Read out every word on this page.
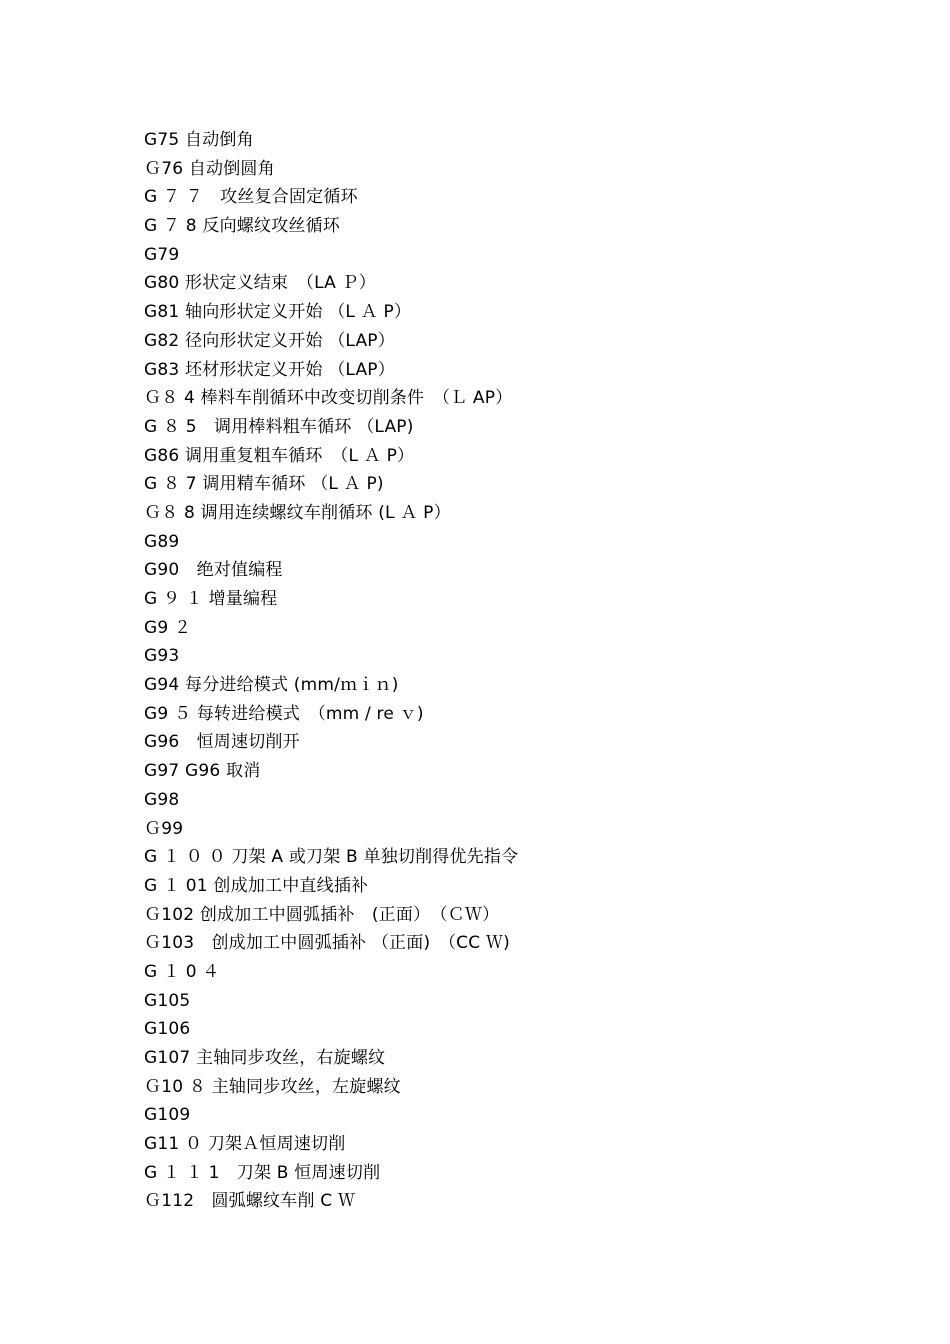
G75 自动倒角
Ｇ76 自动倒圆角
G ７ ７　攻丝复合固定循环
G ７ 8 反向螺纹攻丝循环
G79
G80 形状定义结束　（LA Ｐ）
G81 轴向形状定义开始 （L Ａ P）
G82 径向形状定义开始 （LAP）
G83 坯材形状定义开始 （LAP）
Ｇ８ 4 棒料车削循环中改变切削条件　（Ｌ AP）
G ８ 5　调用棒料粗车循环 （LAP)
G86 调用重复粗车循环　（L Ａ P）
G ８ 7 调用精车循环 （L Ａ P)
Ｇ８ 8 调用连续螺纹车削循环 (L Ａ P）
G89
G90　绝对值编程
G ９ １ 增量编程
G9 ２
G93
G94 每分进给模式 (mm/ｍｉｎ)
G9 ５ 每转进给模式　（mm / re ｖ)
G96　恒周速切削开
G97 G96 取消
G98
Ｇ99
G １ ０ ０ 刀架 A 或刀架 B 单独切削得优先指令
G １ 01 创成加工中直线插补
Ｇ102 创成加工中圆弧插补　(正面）　（ＣＷ）
Ｇ103　创成加工中圆弧插补 （正面)　（CC Ｗ)
G １ 0 ４
G105
G106
G107 主轴同步攻丝，右旋螺纹
Ｇ10 ８ 主轴同步攻丝，左旋螺纹
G109
G11 ０ 刀架Ａ恒周速切削
G １ １ 1　刀架 B 恒周速切削
Ｇ112　圆弧螺纹车削 C Ｗ
